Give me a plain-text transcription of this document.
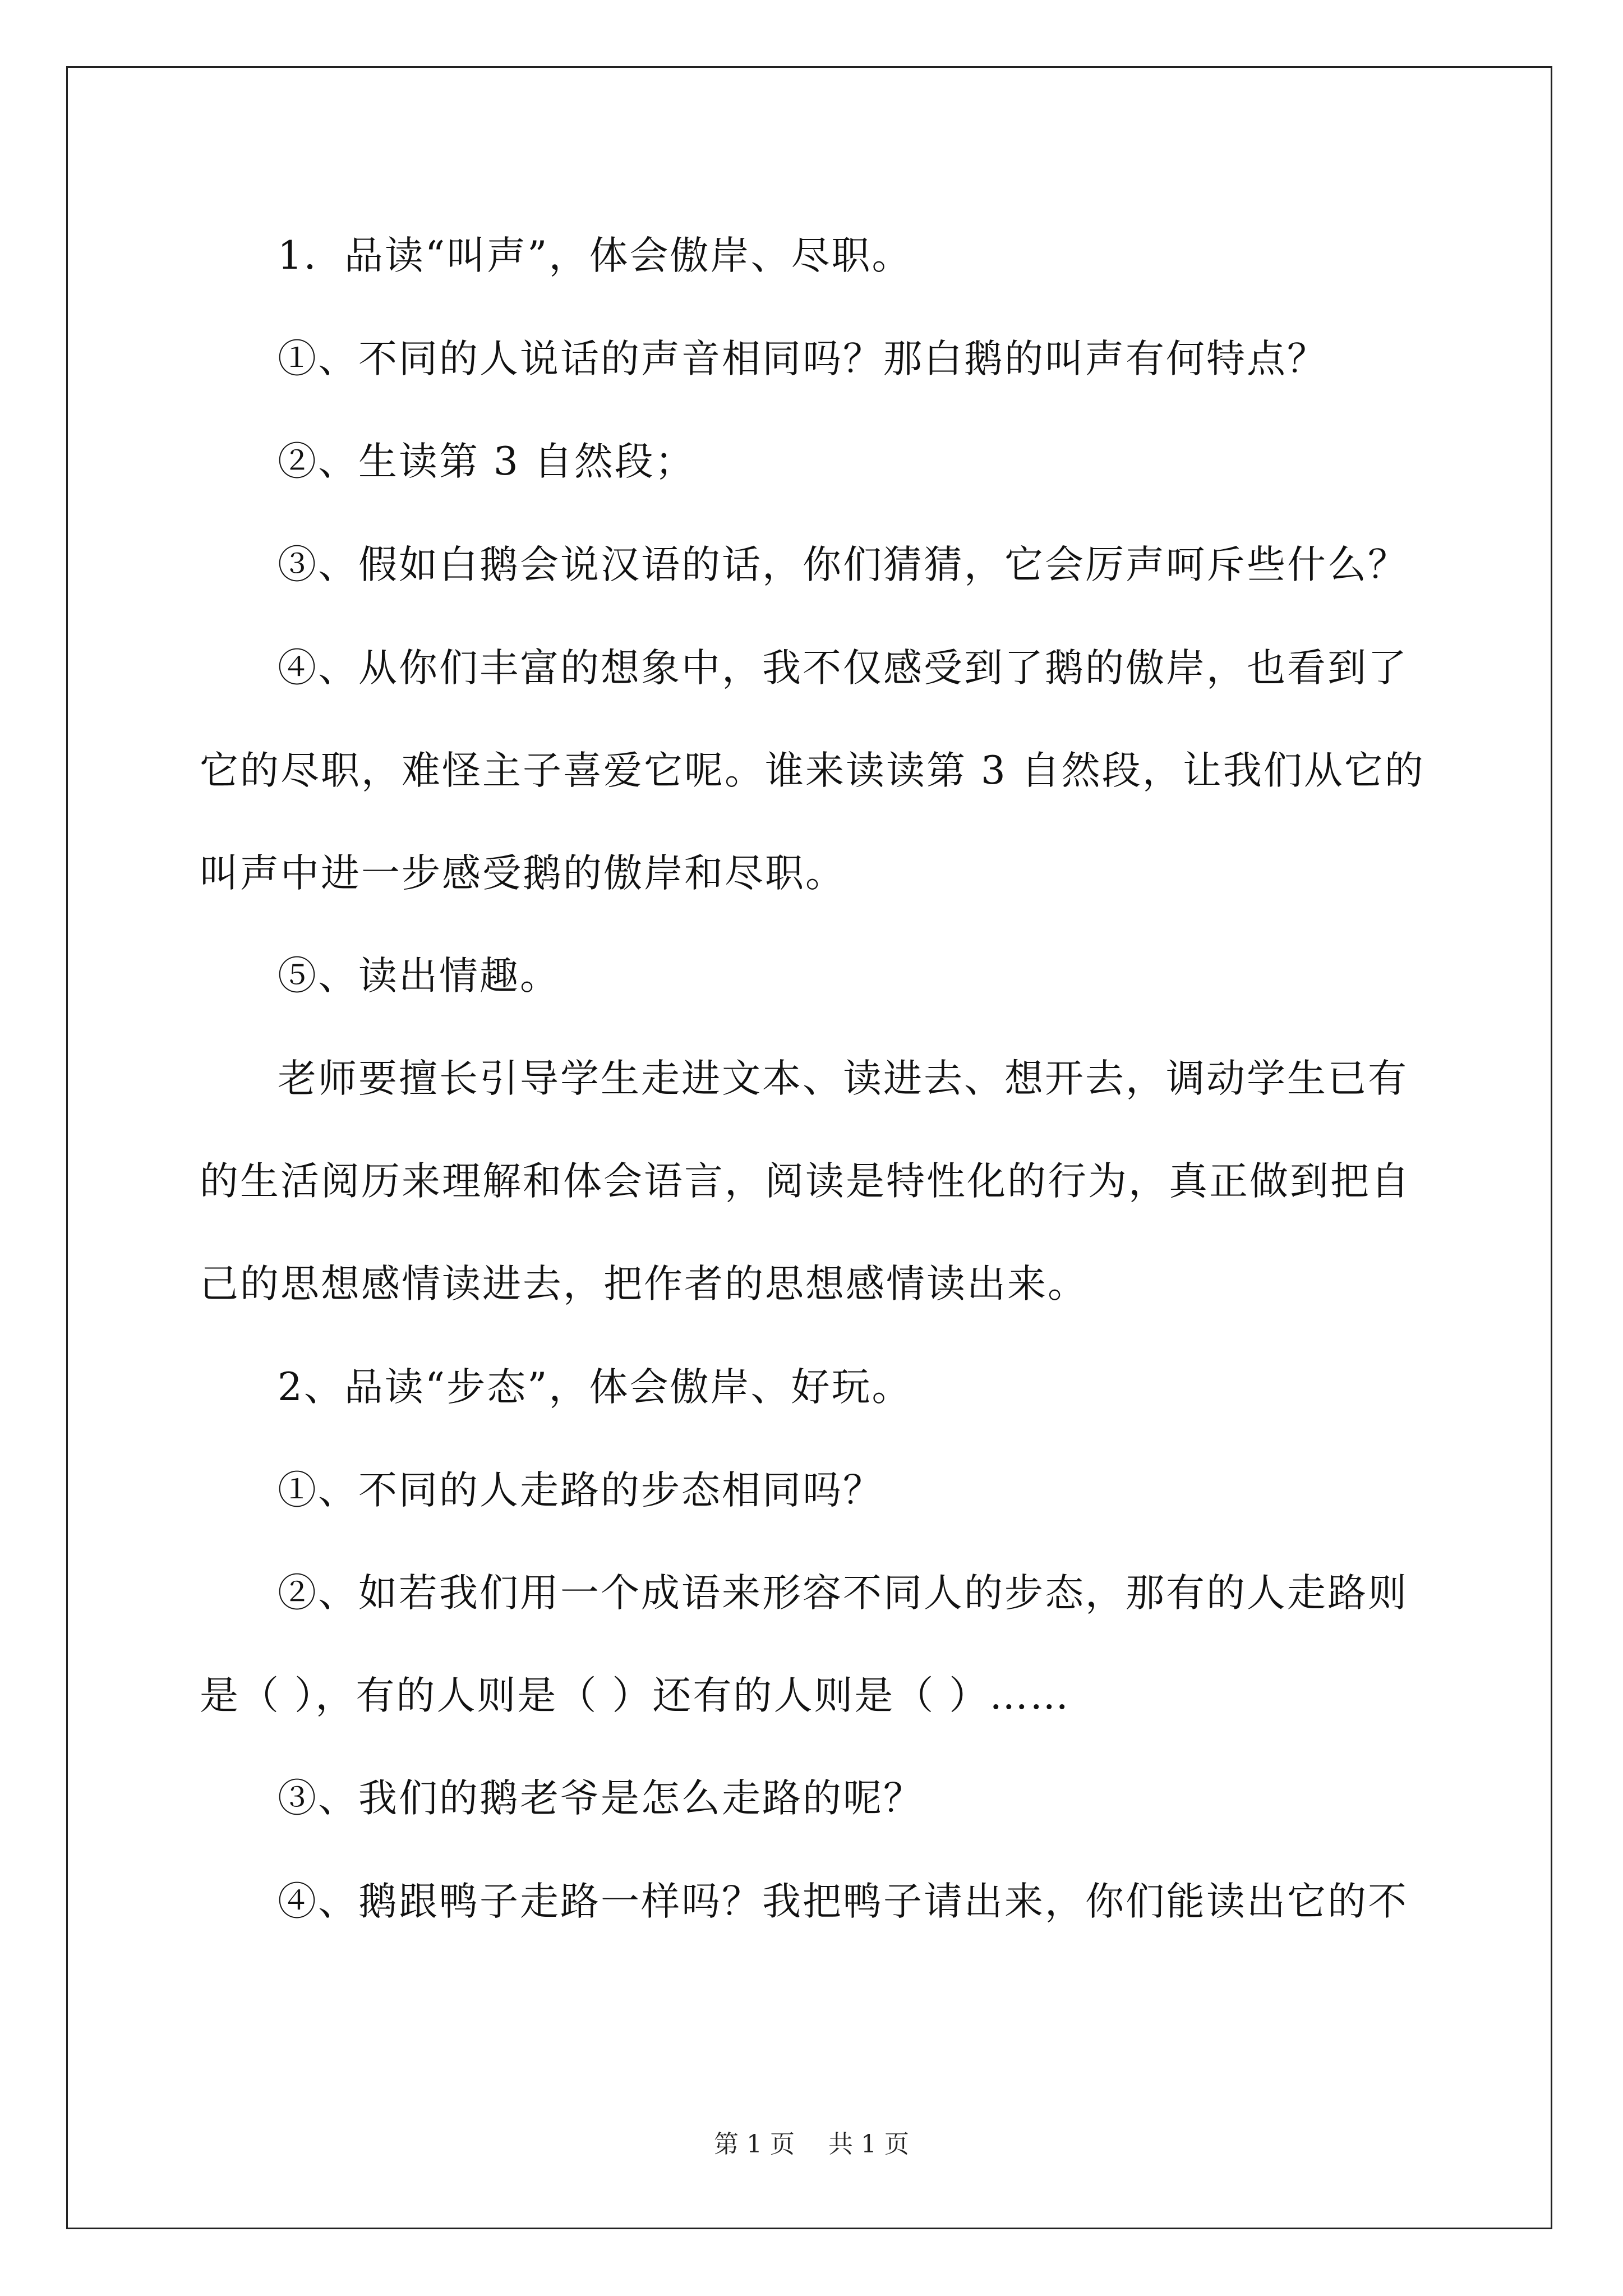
1．品读“叫声”，体会傲岸、尽职。

①、不同的人说话的声音相同吗？那白鹅的叫声有何特点？

②、生读第 3 自然段；

③、假如白鹅会说汉语的话，你们猜猜，它会厉声呵斥些什么？

④、从你们丰富的想象中，我不仅感受到了鹅的傲岸，也看到了它的尽职，难怪主子喜爱它呢。谁来读读第 3 自然段，让我们从它的叫声中进一步感受鹅的傲岸和尽职。

⑤、读出情趣。

老师要擅长引导学生走进文本、读进去、想开去，调动学生已有的生活阅历来理解和体会语言，阅读是特性化的行为，真正做到把自己的思想感情读进去，把作者的思想感情读出来。

2、品读“步态”，体会傲岸、好玩。

①、不同的人走路的步态相同吗？

②、如若我们用一个成语来形容不同人的步态，那有的人走路则是（ ），有的人则是（ ）还有的人则是（ ）……

③、我们的鹅老爷是怎么走路的呢？

④、鹅跟鸭子走路一样吗？我把鸭子请出来，你们能读出它的不

第 1 页 共 1 页
